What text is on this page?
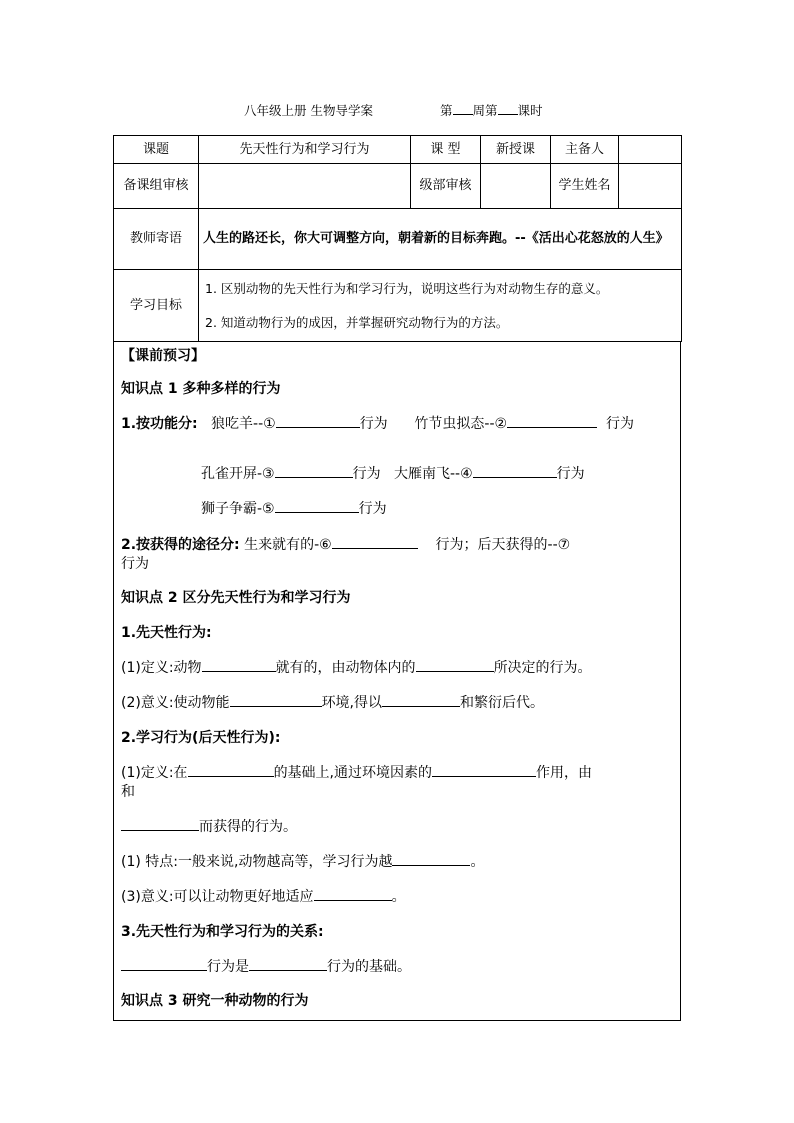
八年级上册 生物导学案	第 周第 课时
课题	先天性行为和学习行为	课 型	新授课	主备人	
备课组审核		级部审核		学生姓名	
教师寄语	人生的路还长，你大可调整方向，朝着新的目标奔跑。--《活出心花怒放的人生》				
学习目标	1. 区别动物的先天性行为和学习行为，说明这些行为对动物生存的意义。
2. 知道动物行为的成因，并掌握研究动物行为的方法。				
【课前预习】
知识点 1 多种多样的行为
1.按功能分: 狼吃羊--①	行为 竹节虫拟态--②	行为
孔雀开屏-③	行为 大雁南飞--④	行为
狮子争霸-⑤	行为
2.按获得的途径分: 生来就有的-⑥	行为；后天获得的--⑦
行为
知识点 2 区分先天性行为和学习行为
1.先天性行为:
(1)定义:动物	就有的，由动物体内的	所决定的行为。
(2)意义:使动物能	环境,得以	和繁衍后代。
2.学习行为(后天性行为):
(1)定义:在	的基础上,通过环境因素的	作用，由
和
而获得的行为。
(1) 特点:一般来说,动物越高等，学习行为越	。
(3)意义:可以让动物更好地适应	。
3.先天性行为和学习行为的关系:
行为是	行为的基础。
知识点 3 研究一种动物的行为
